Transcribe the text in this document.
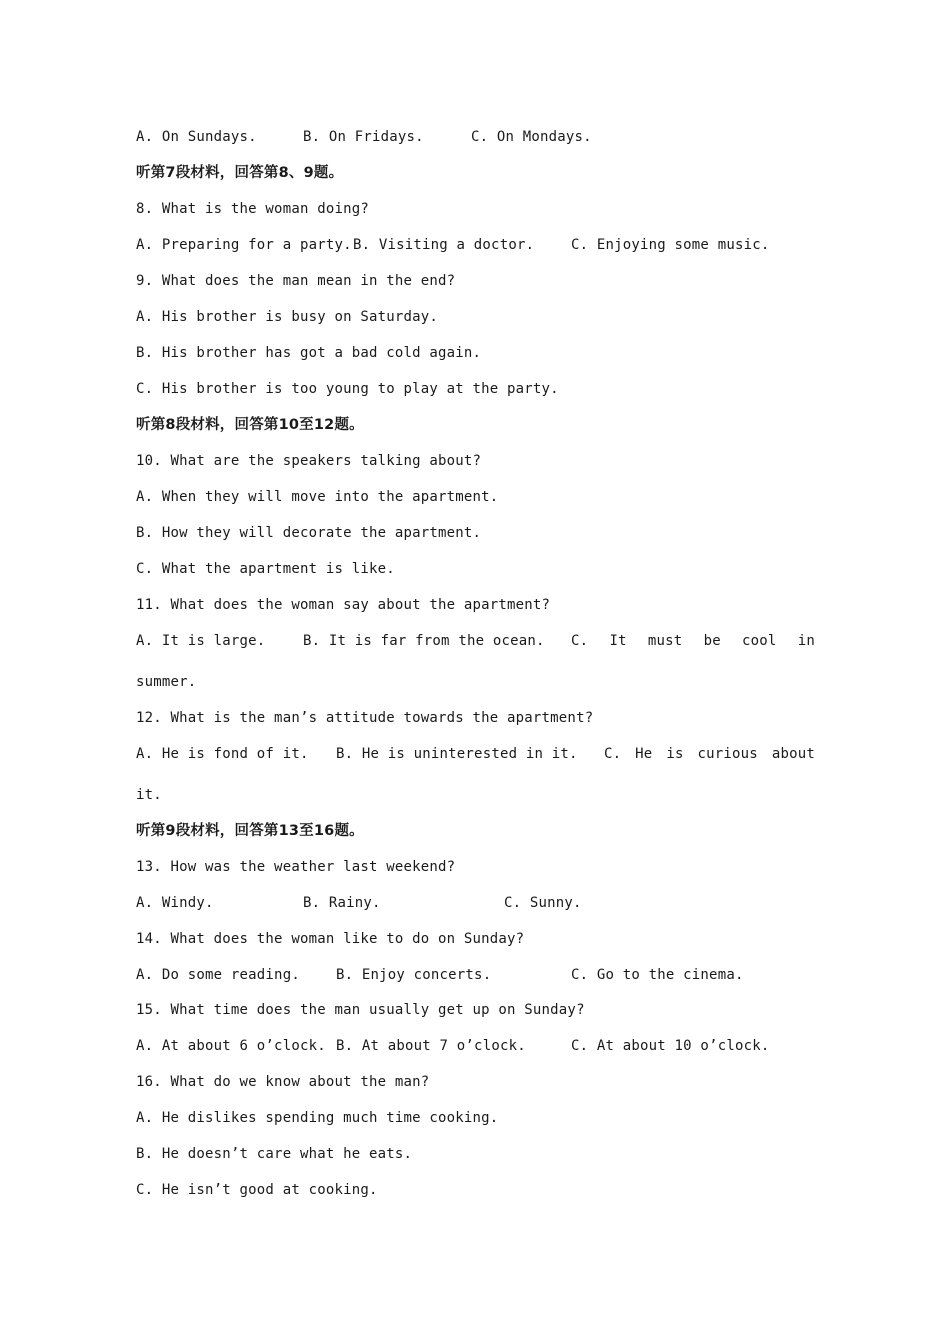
A. On Sundays.	B. On Fridays.	C. On Mondays.
听第7段材料，回答第8、9题。
8. What is the woman doing?
A. Preparing for a party. B. Visiting a doctor.	C. Enjoying some music.
9. What does the man mean in the end?
A. His brother is busy on Saturday.
B. His brother has got a bad cold again.
C. His brother is too young to play at the party.
听第8段材料，回答第10至12题。
10. What are the speakers talking about?
A. When they will move into the apartment.
B. How they will decorate the apartment.
C. What the apartment is like.
11. What does the woman say about the apartment?
A. It is large.	B. It is far from the ocean. C. It must be cool in
summer.
12. What is the man’s attitude towards the apartment?
A. He is fond of it. B. He is uninterested in it. C. He is curious about
it.
听第9段材料，回答第13至16题。
13. How was the weather last weekend?
A. Windy.	B. Rainy.	C. Sunny.
14. What does the woman like to do on Sunday?
A. Do some reading.	B. Enjoy concerts.	C. Go to the cinema.
15. What time does the man usually get up on Sunday?
A. At about 6 o’clock. B. At about 7 o’clock.	C. At about 10 o’clock.
16. What do we know about the man?
A. He dislikes spending much time cooking.
B. He doesn’t care what he eats.
C. He isn’t good at cooking.
